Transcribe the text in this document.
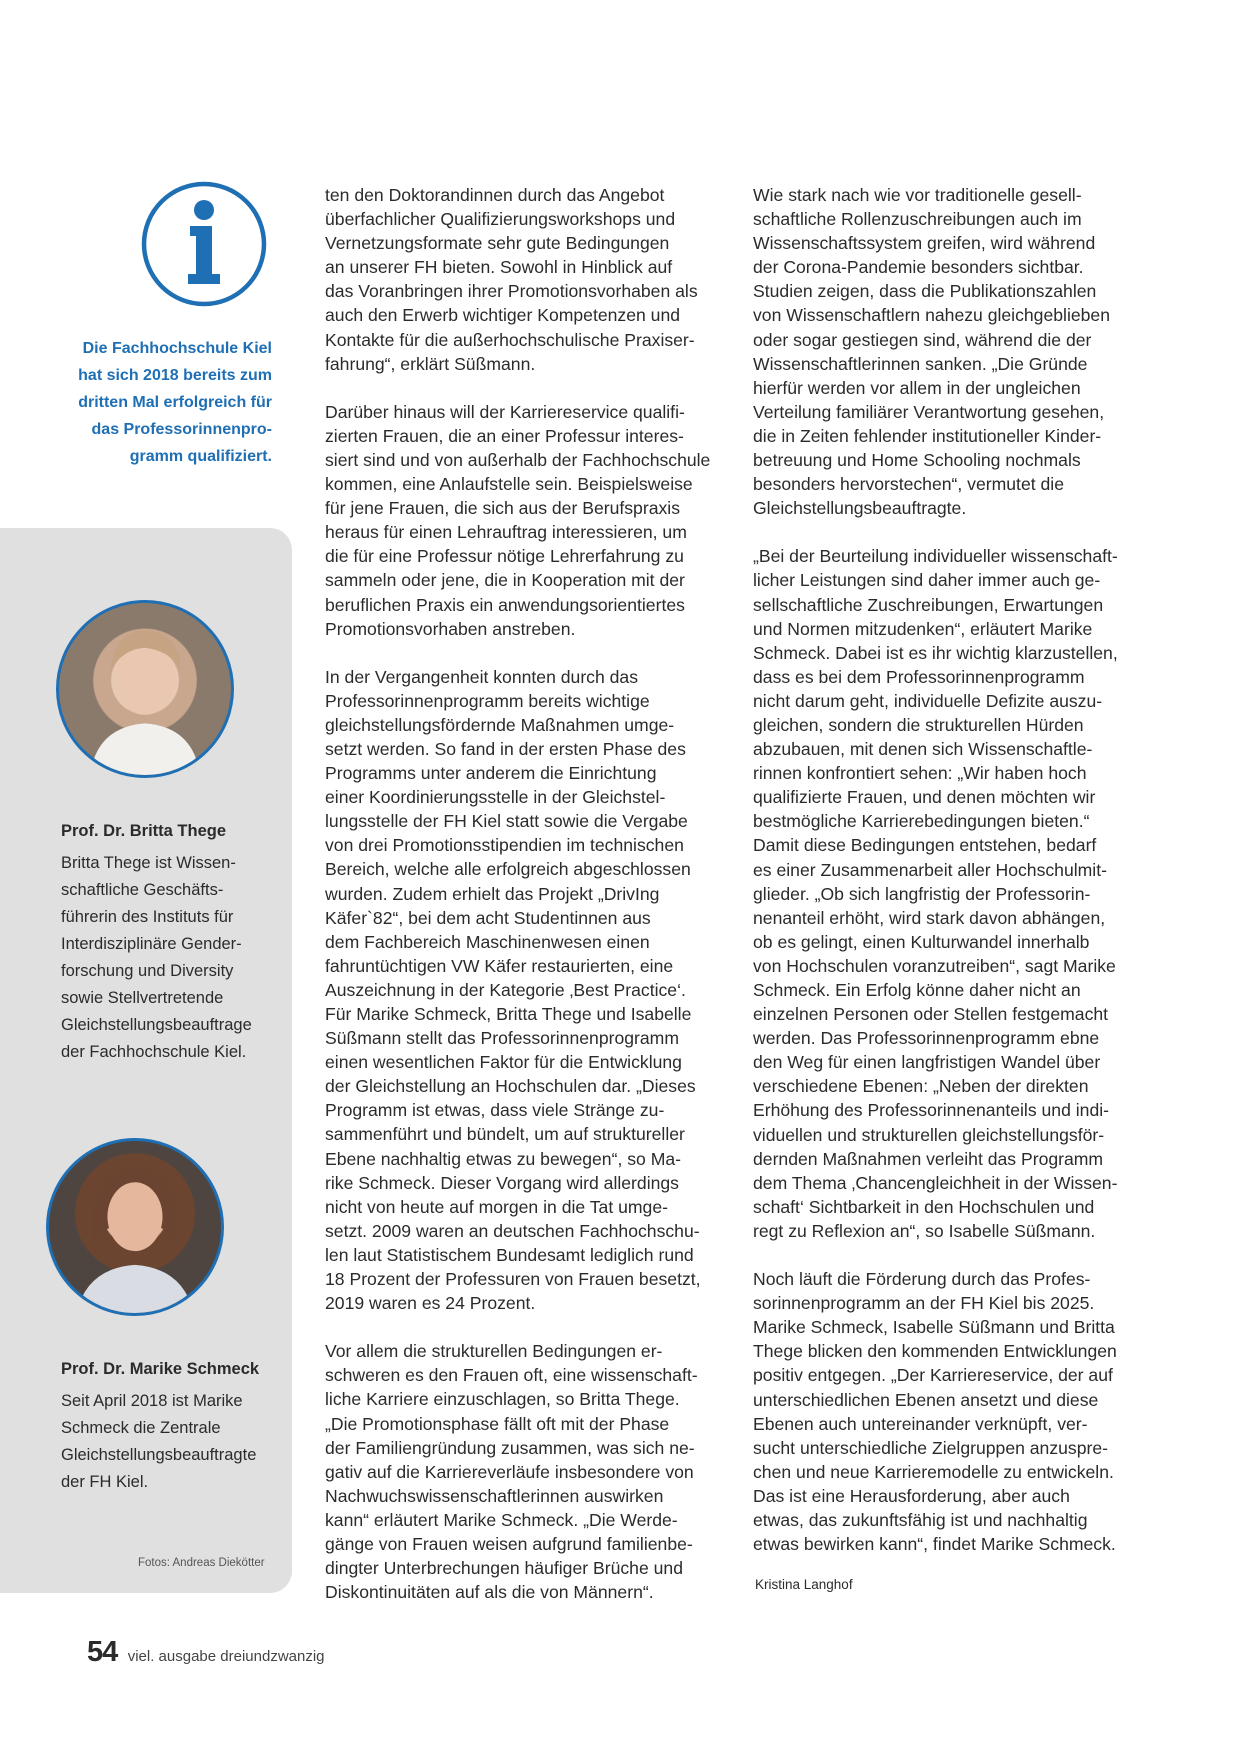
Die Fachhochschule Kiel
hat sich 2018 bereits zum
dritten Mal erfolgreich für
das Professorinnenpro-
gramm qualifiziert.
Prof. Dr. Britta Thege
Britta Thege ist Wissen-
schaftliche Geschäfts-
führerin des Instituts für
Interdisziplinäre Gender-
forschung und Diversity
sowie Stellvertretende
Gleichstellungsbeauftrage
der Fachhochschule Kiel.
Prof. Dr. Marike Schmeck
Seit April 2018 ist Marike
Schmeck die Zentrale
Gleichstellungsbeauftragte
der FH Kiel.
Fotos: Andreas Diekötter
ten den Doktorandinnen durch das Angebot
überfachlicher Qualifizierungsworkshops und
Vernetzungsformate sehr gute Bedingungen
an unserer FH bieten. Sowohl in Hinblick auf
das Voranbringen ihrer Promotionsvorhaben als
auch den Erwerb wichtiger Kompetenzen und
Kontakte für die außerhochschulische Praxiser-
fahrung“, erklärt Süßmann.
Darüber hinaus will der Karriereservice qualifi-
zierten Frauen, die an einer Professur interes-
siert sind und von außerhalb der Fachhochschule
kommen, eine Anlaufstelle sein. Beispielsweise
für jene Frauen, die sich aus der Berufspraxis
heraus für einen Lehrauftrag interessieren, um
die für eine Professur nötige Lehrerfahrung zu
sammeln oder jene, die in Kooperation mit der
beruflichen Praxis ein anwendungsorientiertes
Promotionsvorhaben anstreben.
In der Vergangenheit konnten durch das
Professorinnenprogramm bereits wichtige
gleichstellungsfördernde Maßnahmen umge-
setzt werden. So fand in der ersten Phase des
Programms unter anderem die Einrichtung
einer Koordinierungsstelle in der Gleichstel-
lungsstelle der FH Kiel statt sowie die Vergabe
von drei Promotionsstipendien im technischen
Bereich, welche alle erfolgreich abgeschlossen
wurden. Zudem erhielt das Projekt „DrivIng
Käfer`82“, bei dem acht Studentinnen aus
dem Fachbereich Maschinenwesen einen
fahruntüchtigen VW Käfer restaurierten, eine
Auszeichnung in der Kategorie ‚Best Practice‘.
Für Marike Schmeck, Britta Thege und Isabelle
Süßmann stellt das Professorinnenprogramm
einen wesentlichen Faktor für die Entwicklung
der Gleichstellung an Hochschulen dar. „Dieses
Programm ist etwas, dass viele Stränge zu-
sammenführt und bündelt, um auf struktureller
Ebene nachhaltig etwas zu bewegen“, so Ma-
rike Schmeck. Dieser Vorgang wird allerdings
nicht von heute auf morgen in die Tat umge-
setzt. 2009 waren an deutschen Fachhochschu-
len laut Statistischem Bundesamt lediglich rund
18 Prozent der Professuren von Frauen besetzt,
2019 waren es 24 Prozent.
Vor allem die strukturellen Bedingungen er-
schweren es den Frauen oft, eine wissenschaft-
liche Karriere einzuschlagen, so Britta Thege.
„Die Promotionsphase fällt oft mit der Phase
der Familiengründung zusammen, was sich ne-
gativ auf die Karriereverläufe insbesondere von
Nachwuchswissenschaftlerinnen auswirken
kann“ erläutert Marike Schmeck. „Die Werde-
gänge von Frauen weisen aufgrund familienbe-
dingter Unterbrechungen häufiger Brüche und
Diskontinuitäten auf als die von Männern“.
Wie stark nach wie vor traditionelle gesell-
schaftliche Rollenzuschreibungen auch im
Wissenschaftssystem greifen, wird während
der Corona-Pandemie besonders sichtbar.
Studien zeigen, dass die Publikationszahlen
von Wissenschaftlern nahezu gleichgeblieben
oder sogar gestiegen sind, während die der
Wissenschaftlerinnen sanken. „Die Gründe
hierfür werden vor allem in der ungleichen
Verteilung familiärer Verantwortung gesehen,
die in Zeiten fehlender institutioneller Kinder-
betreuung und Home Schooling nochmals
besonders hervorstechen“, vermutet die
Gleichstellungsbeauftragte.
„Bei der Beurteilung individueller wissenschaft-
licher Leistungen sind daher immer auch ge-
sellschaftliche Zuschreibungen, Erwartungen
und Normen mitzudenken“, erläutert Marike
Schmeck. Dabei ist es ihr wichtig klarzustellen,
dass es bei dem Professorinnenprogramm
nicht darum geht, individuelle Defizite auszu-
gleichen, sondern die strukturellen Hürden
abzubauen, mit denen sich Wissenschaftle-
rinnen konfrontiert sehen: „Wir haben hoch
qualifizierte Frauen, und denen möchten wir
bestmögliche Karrierebedingungen bieten.“
Damit diese Bedingungen entstehen, bedarf
es einer Zusammenarbeit aller Hochschulmit-
glieder. „Ob sich langfristig der Professorin-
nenanteil erhöht, wird stark davon abhängen,
ob es gelingt, einen Kulturwandel innerhalb
von Hochschulen voranzutreiben“, sagt Marike
Schmeck. Ein Erfolg könne daher nicht an
einzelnen Personen oder Stellen festgemacht
werden. Das Professorinnenprogramm ebne
den Weg für einen langfristigen Wandel über
verschiedene Ebenen: „Neben der direkten
Erhöhung des Professorinnenanteils und indi-
viduellen und strukturellen gleichstellungsför-
dernden Maßnahmen verleiht das Programm
dem Thema ‚Chancengleichheit in der Wissen-
schaft‘ Sichtbarkeit in den Hochschulen und
regt zu Reflexion an“, so Isabelle Süßmann.
Noch läuft die Förderung durch das Profes-
sorinnenprogramm an der FH Kiel bis 2025.
Marike Schmeck, Isabelle Süßmann und Britta
Thege blicken den kommenden Entwicklungen
positiv entgegen. „Der Karriereservice, der auf
unterschiedlichen Ebenen ansetzt und diese
Ebenen auch untereinander verknüpft, ver-
sucht unterschiedliche Zielgruppen anzuspre-
chen und neue Karrieremodelle zu entwickeln.
Das ist eine Herausforderung, aber auch
etwas, das zukunftsfähig ist und nachhaltig
etwas bewirken kann“, findet Marike Schmeck.
Kristina Langhof
54 viel. ausgabe dreiundzwanzig
